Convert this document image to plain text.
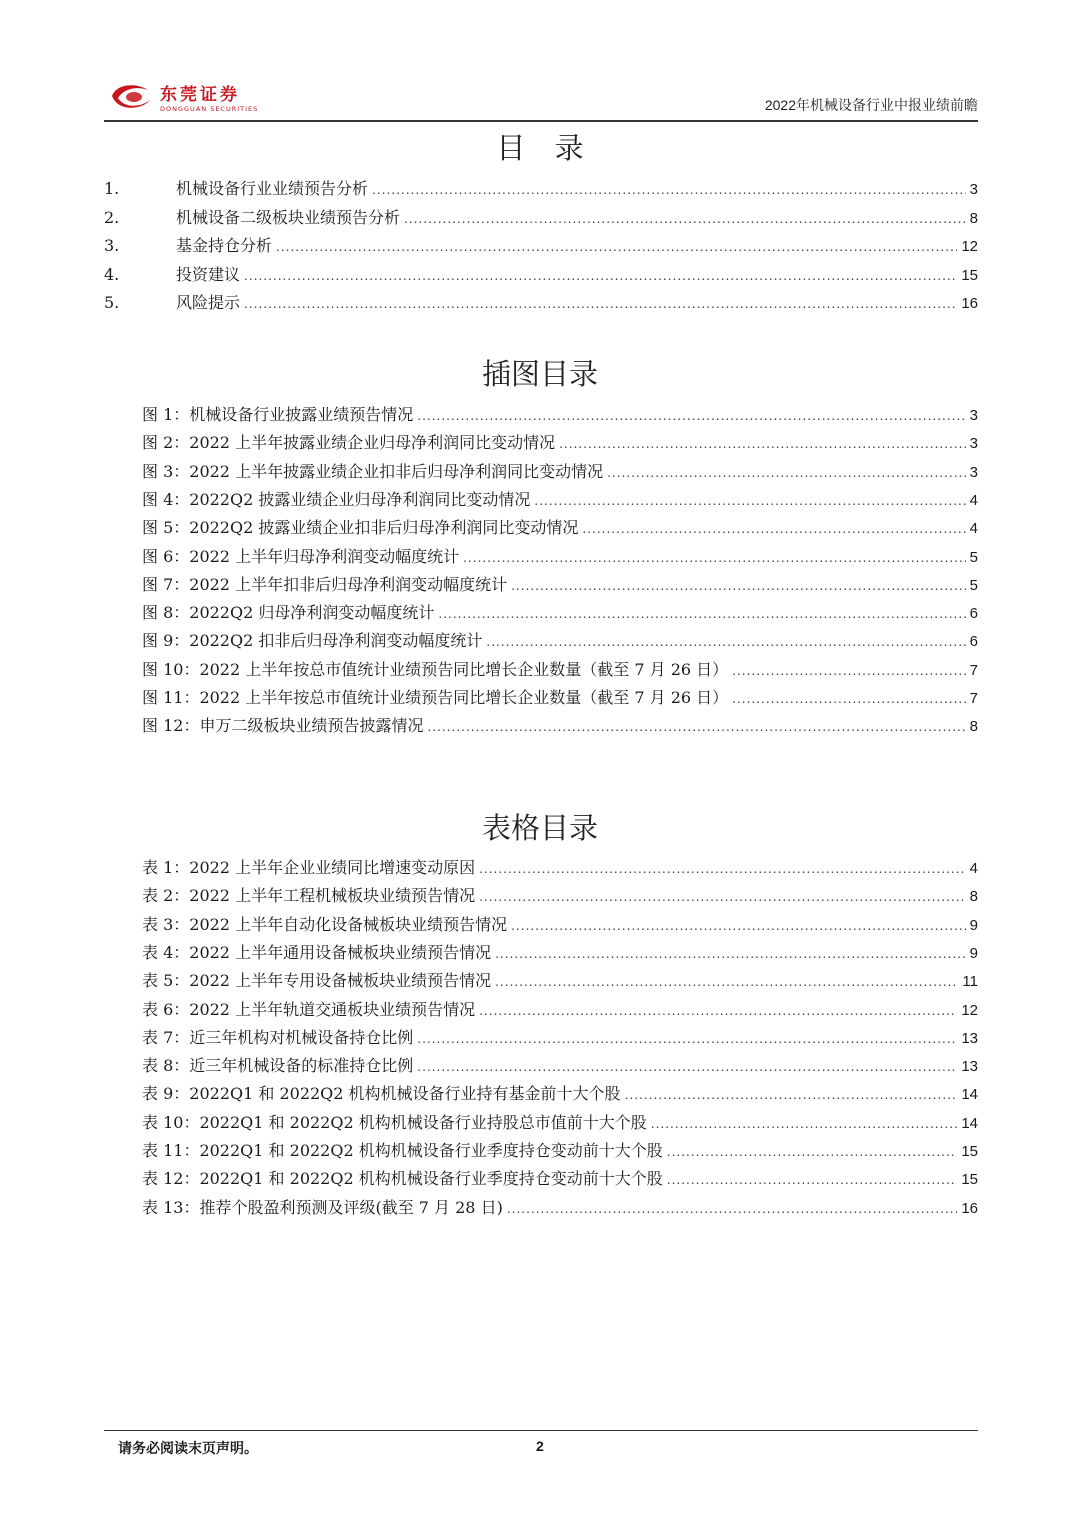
东莞证券
DONGGUAN SECURITIES	2022年机械设备行业中报业绩前瞻
目 录
1.	机械设备行业业绩预告分析 .....	3
2.	机械设备二级板块业绩预告分析 .....	8
3.	基金持仓分析 .....	12
4.	投资建议 .....	15
5.	风险提示 .....	16
插图目录
图 1：机械设备行业披露业绩预告情况 .....	3
图 2：2022 上半年披露业绩企业归母净利润同比变动情况 .....	3
图 3：2022 上半年披露业绩企业扣非后归母净利润同比变动情况 .....	3
图 4：2022Q2 披露业绩企业归母净利润同比变动情况 .....	4
图 5：2022Q2 披露业绩企业扣非后归母净利润同比变动情况 .....	4
图 6：2022 上半年归母净利润变动幅度统计 .....	5
图 7：2022 上半年扣非后归母净利润变动幅度统计 .....	5
图 8：2022Q2 归母净利润变动幅度统计 .....	6
图 9：2022Q2 扣非后归母净利润变动幅度统计 .....	6
图 10：2022 上半年按总市值统计业绩预告同比增长企业数量（截至 7 月 26 日） .....	7
图 11：2022 上半年按总市值统计业绩预告同比增长企业数量（截至 7 月 26 日） .....	7
图 12：申万二级板块业绩预告披露情况 .....	8
表格目录
表 1：2022 上半年企业业绩同比增速变动原因 .....	4
表 2：2022 上半年工程机械板块业绩预告情况 .....	8
表 3：2022 上半年自动化设备械板块业绩预告情况 .....	9
表 4：2022 上半年通用设备械板块业绩预告情况 .....	9
表 5：2022 上半年专用设备械板块业绩预告情况 .....	11
表 6：2022 上半年轨道交通板块业绩预告情况 .....	12
表 7：近三年机构对机械设备持仓比例 .....	13
表 8：近三年机械设备的标准持仓比例 .....	13
表 9：2022Q1 和 2022Q2 机构机械设备行业持有基金前十大个股 .....	14
表 10：2022Q1 和 2022Q2 机构机械设备行业持股总市值前十大个股 .....	14
表 11：2022Q1 和 2022Q2 机构机械设备行业季度持仓变动前十大个股 .....	15
表 12：2022Q1 和 2022Q2 机构机械设备行业季度持仓变动前十大个股 .....	15
表 13：推荐个股盈利预测及评级(截至 7 月 28 日) .....	16
请务必阅读末页声明。	2
